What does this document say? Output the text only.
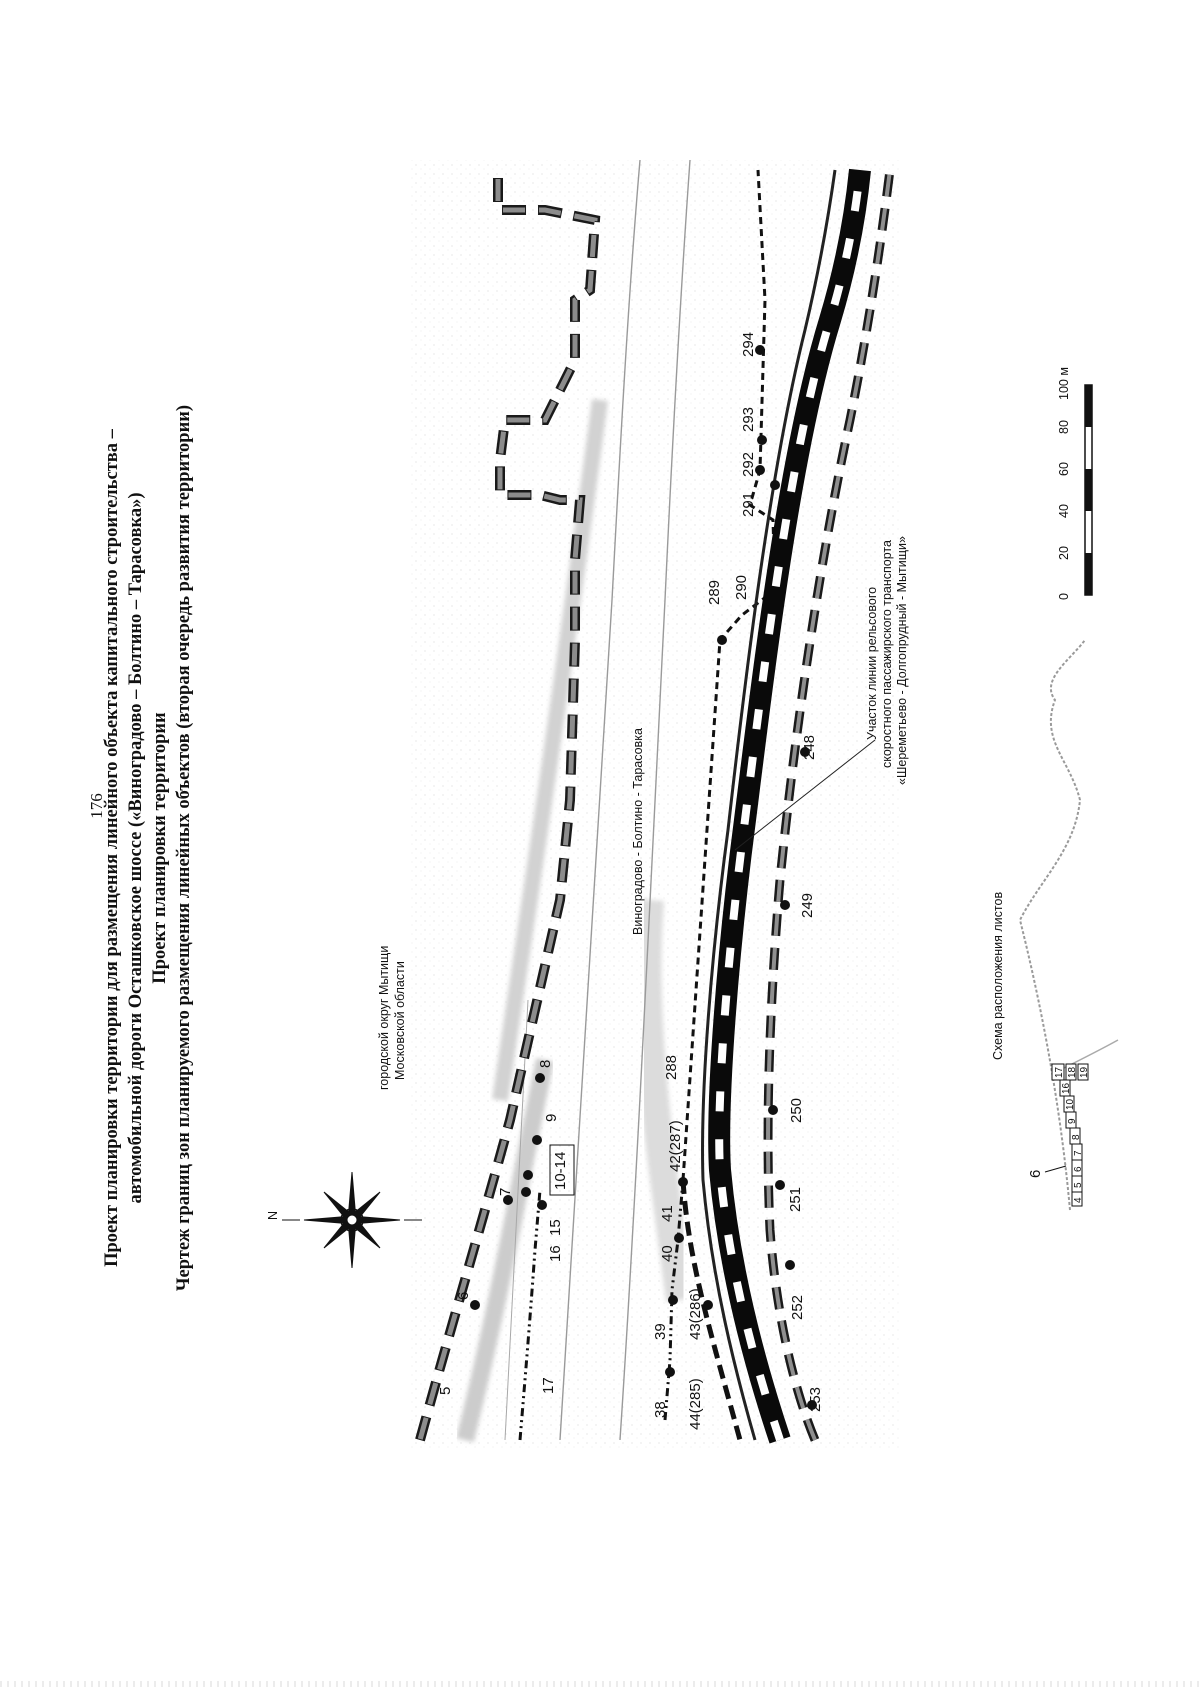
176
Проект планировки территории для размещения линейного объекта капитального строительства – автомобильной дороги Осташковское шоссе («Виноградово – Болтино – Тарасовка») Проект планировки территории Чертеж границ зон планируемого размещения линейных объектов (вторая очередь развития территории)	N
городской округ Мытищи Московской области
Виноградово - Болтино - Тарасовка
Участок линии рельсового скоростного пассажирского транспорта «Шереметьево - Долгопрудный - Мытищи»
5
6
7
8
9
10-14
15
16
17
38
39
40
41
42(287)
43(286)
44(285)
288
289 290
291
292
293
294
248
249
250
251
252
253
0
20
40
60
80
100 м
Схема расположения листов
4
5
6
7
8
9
10
16
17 18 19
6
